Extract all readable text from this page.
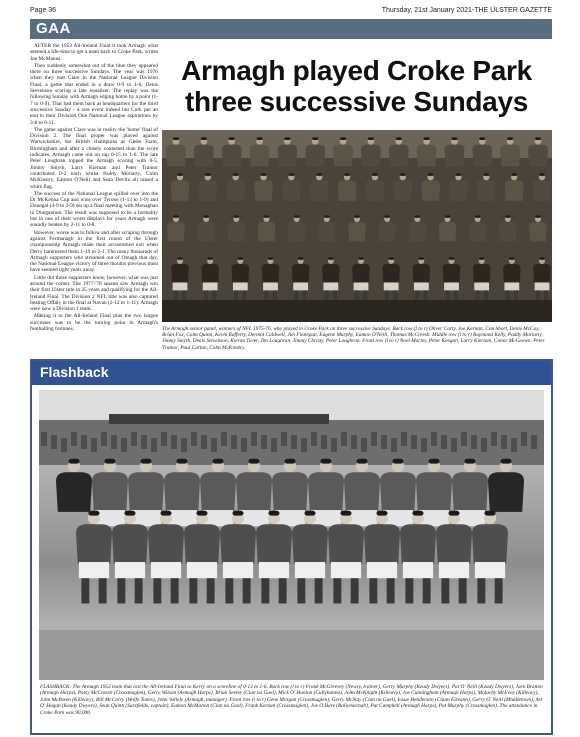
Page 36	Thursday, 21st January 2021-THE ULSTER GAZETTE
GAA

AFTER the 1953 All-Ireland Final it took Armagh what seemed a life-time to get a team back to Croke Park, writes Joe McManus.

Then suddenly somewhat out of the blue they appeared there on three successive Sundays. The year was 1976 when they met Clare in the National League Division Final, a game that ended in a draw 0-9 to 1-6, Denis Stevenson scoring a late equaliser. The replay was the following Sunday with Armagh edging home by a point (1-7 to 0-9). That had them back at headquarters for the third successive Sunday - a rare event indeed but Cork put an end to their Division One National League aspirations by 3-8 to 0-11.

The game against Clare was in reality the 'home' final of Division 2. The final proper was played against Warwickshire, the British champions at Glebe Farm, Birmingham and after a closely contested than the score indicates, Armagh came out on top 0-15 to 1-6. The late Peter Loughran topped the Armagh scoring with 0-5, Jimmy Smyth, Larry Kiernan and Peter Trainor contributed 0-2 each whilst Paddy Moriarty, Colm McKinstry, Eamon O'Neill and Sean Devlin all raised a white flag.

The success of the National League spilled over into the Dr McKenna Cup and wins over Tyrone (1-13 to 1-9) and Donegal (4-9 to 2-9) set up a final meeting with Monaghan in Dungannon. The result was supposed to be a formality but in one of their worst displays for years Armagh were soundly beaten by 2-11 to 0-8.

However, worse was to follow and after scraping through against Fermanagh in the first round of the Ulster championship Armagh made their accustomed exit when Derry hammered them 1-19 to 2-1. The many thousands of Armagh supporters who streamed out of Omagh that day, the National League victory of three months previous must have seemed light years away.

Little did those supporters know, however, what was just around the corner. The 1977-'78 season saw Armagh win their first Ulster title in 25 years and qualifying for the All-Ireland Final. The Division 2 NFL title was also captured beating Offaly in the final at Navan (2-12 to 1-11). Armagh were now a Division 1 team.

Making it to the All-Ireland Final plus the two league successes was to be the turning point in Armagh's footballing fortunes.

Armagh played Croke Park
three successive Sundays
The Armagh senior panel, winners of NFL 1975-76, who played in Croke Park on three successive Sundays. Back row (l to r) Oliver Carty, Joe Kernan, Con Short, Denis McCoy, Brian Fox, Colm Quinn, Kevin Rafferty, Dermot Caldwell, Jim Finnegan, Eugene Murphy, Eamon O'Neill, Thomas McCreesh. Middle row (l to r) Raymond Kelly, Paddy Moriarty, Jimmy Smyth, Denis Stevenson, Kieran Tover, Jim Loughran, Jimmy Christy, Peter Loughran. Front row (l to r) Noel Marley, Peter Keegan, Larry Kiernan, Conor McGeown, Peter Trainor, Paul Carlan, Colm McKinstry.
Flashback
FLASHBACK: The Armagh 1953 team that lost the All-Ireland Final to Kerry on a scoreline of 0-13 to 1-6. Back row (l to r) Frank McGreevey (Newry, trainer), Gerry Murphy (Keady Dwyers), Pat O' Neill (Keady Dwyers), Jack Bratton (Armagh Harps), Patsy McCreesh (Crossmaglen), Gerry Wilson (Armagh Harps), Brian Seeley (Clan na Gael), Mick O' Hanlon (Cullyhanna), John McKnight (Killeavy), Joe Cunningham (Armagh Harps), Malachy McEvoy (Killeavy), John McBreen (Killeavy), Bill McCorry (Wolfe Tones), John Vallely (Armagh, manager). Front row (l to r) Gene Morgan (Crossmaglen), Gerry McStay (Clan na Gael), Iosue Henderson (Clann Eireann), Gerry O' Neill (Middletown), Art O' Hagan (Keady Dwyers), Sean Quinn (Sarsfields, captain), Eamon McMahon (Clan na Gael), Frank Kernan (Crossmaglen), Joe O'Hare (Ballymacnab), Pat Campbell (Armagh Harps), Pat Murphy (Crossmaglen). The attendance in Croke Park was 90,000.
